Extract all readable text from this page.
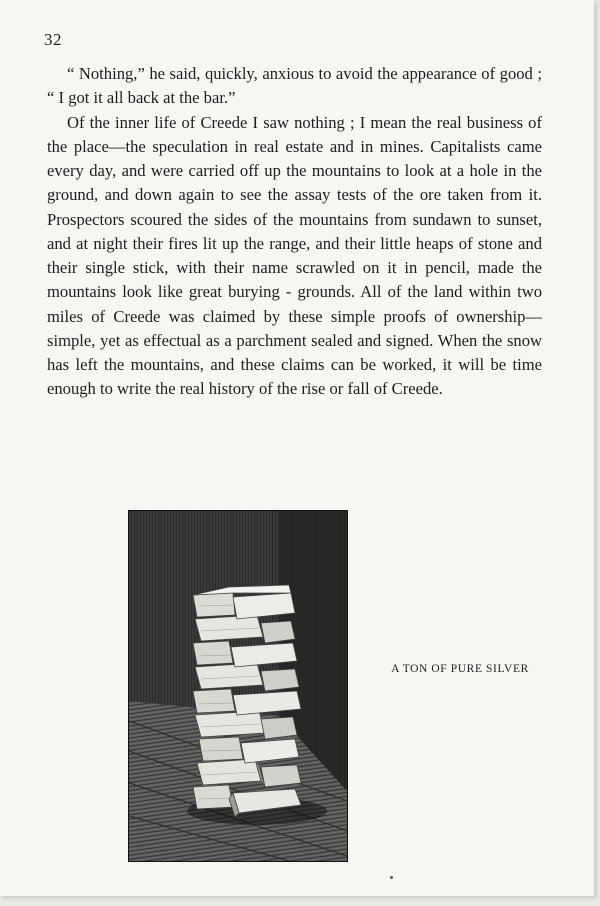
32

“ Nothing,” he said, quickly, anxious to avoid the appearance of good ; “ I got it all back at the bar.”

Of the inner life of Creede I saw nothing ; I mean the real business of the place—the speculation in real estate and in mines. Capitalists came every day, and were carried off up the mountains to look at a hole in the ground, and down again to see the assay tests of the ore taken from it. Prospectors scoured the sides of the mountains from sundawn to sunset, and at night their fires lit up the range, and their little heaps of stone and their single stick, with their name scrawled on it in pencil, made the mountains look like great burying - grounds. All of the land within two miles of Creede was claimed by these simple proofs of ownership—simple, yet as effectual as a parchment sealed and signed. When the snow has left the mountains, and these claims can be worked, it will be time enough to write the real history of the rise or fall of Creede.

A TON OF PURE SILVER
